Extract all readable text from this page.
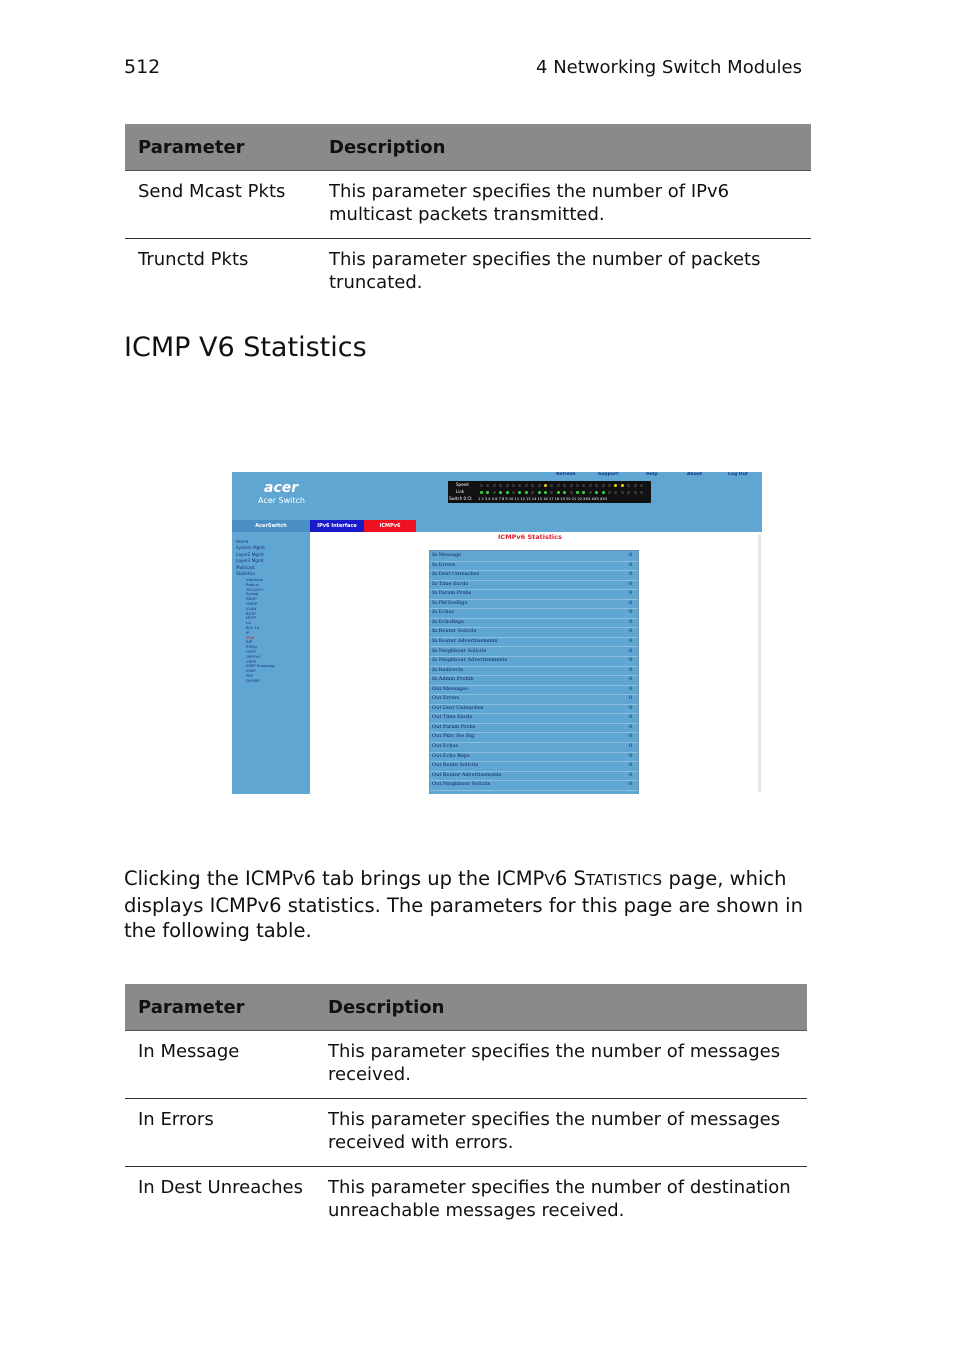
512	4 Networking Switch Modules
Parameter	Description
Send Mcast Pkts	This parameter specifies the number of IPv6 multicast packets transmitted.
Trunctd Pkts	This parameter specifies the number of packets truncated.
ICMP V6 Statistics
acer
Acer Switch
Refresh	Support	Help	About	Log Out
Speed
Link
Switch 0 Ct 1 2 3 4 5 6 7 8 9 10 11 12 13 14 15 16 17 18 19 20 21 22 XX3 XX3 XX3
AcerSwitch	IPv6 Interface	ICMPv6
Home
System Mgmt
Layer2 Mgmt
Layer3 Mgmt
Multicast
Statistics
Interface
Radius
TACACS+
Syslog
SNOP
GMRP
VLAN
RSTP
MSTP
LA
802.1X
IP
IPv6
RIP
RIPng
OSPF
OSPFv3
VRRP
IGMP Snooping
IGMP
PIM
DVMRP
ICMPv6 Statistics
In Message	0
In Errors	0
In Dest Unreaches	0
In Time Excds	0
In Param Probs	0
In PktTooBigs	0
In Echos	0
In EchoReps	0
In Router Solicits	0
In Router Advertisements	0
In Neighbour Solicits	0
In Neighbour Advertisements	0
In Redirects	0
In Admin Prohib	0
Out Messages	0
Out Errors	0
Out Dest Unreaches	0
Out Time Excds	0
Out Param Probs	0
Out Pkts Too Big	0
Out Echos	0
Out Echo Reps	0
Out Route Solicits	0
Out Router Advertisements	0
Out Neighbour Solicits	0

Clicking the ICMPV6 tab brings up the ICMPV6 STATISTICS page, which displays ICMPv6 statistics. The parameters for this page are shown in the following table.

Parameter	Description
In Message	This parameter specifies the number of messages received.
In Errors	This parameter specifies the number of messages received with errors.
In Dest Unreaches	This parameter specifies the number of destination unreachable messages received.
